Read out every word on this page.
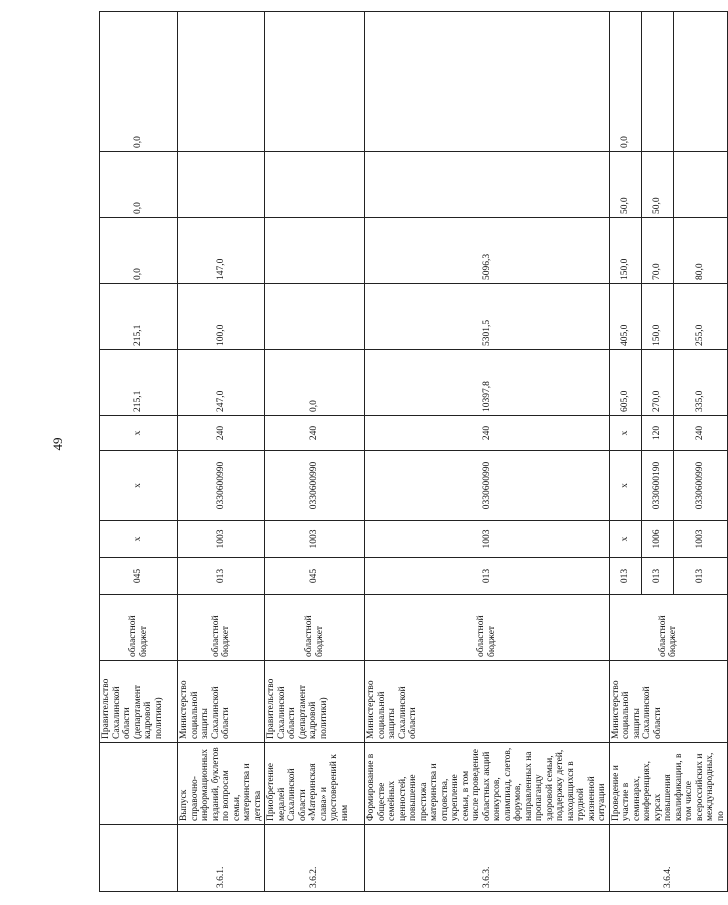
49
		Правительство Сахалинской области (департамент кадровой политики)	областной бюджет	045	x	x	x	215,1	215,1	0,0	0,0	0,0	
3.6.1.	Выпуск справочно-информационных изданий, буклетов по вопросам семьи, материнства и детства	Министерство социальной защиты Сахалинской области	областной бюджет	013	1003	0330600990	240	247,0	100,0	147,0			
3.6.2.	Приобретение медалей Сахалинской области «Материнская слава» и удостоверений к ним	Правительство Сахалинской области (департамент кадровой политики)	областной бюджет	045	1003	0330600990	240	0,0					
3.6.3.	Формирование в обществе семейных ценностей, повышение престижа материнства и отцовства, укрепление семьи, в том числе проведение областных акций конкурсов, олимпиад, слетов, форумов, направленных на пропаганду здоровой семьи, поддержку детей, находящихся в трудной жизненной ситуации	Министерство социальной защиты Сахалинской области	областной бюджет	013	1003	0330600990	240	10397,8	5301,5	5096,3			
3.6.4.	Проведение и участие в семинарах, конференциях, курсах повышения квалификации, в том числе всероссийских и международных, по	Министерство социальной защиты Сахалинской области	областной бюджет	013	x	x	x	605,0	405,0	150,0	50,0	0,0	
				013	1006	0330600190	120	270,0	150,0	70,0	50,0		
				013	1003	0330600990	240	335,0	255,0	80,0			
